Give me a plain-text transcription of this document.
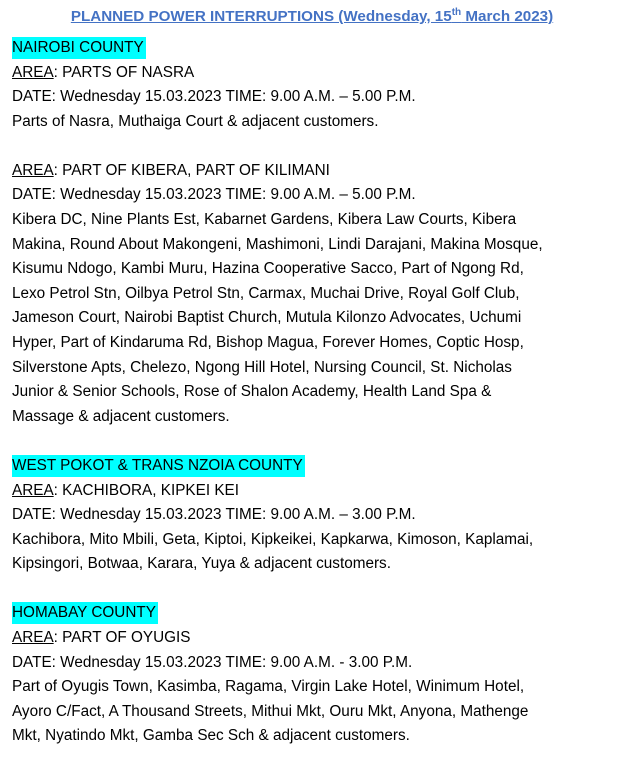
PLANNED POWER INTERRUPTIONS (Wednesday, 15th March 2023)
NAIROBI COUNTY
AREA: PARTS OF NASRA
DATE: Wednesday 15.03.2023 TIME: 9.00 A.M. – 5.00 P.M.
Parts of Nasra, Muthaiga Court & adjacent customers.
AREA: PART OF KIBERA, PART OF KILIMANI
DATE: Wednesday 15.03.2023 TIME: 9.00 A.M. – 5.00 P.M.
Kibera DC, Nine Plants Est, Kabarnet Gardens, Kibera Law Courts, Kibera
Makina, Round About Makongeni, Mashimoni, Lindi Darajani, Makina Mosque,
Kisumu Ndogo, Kambi Muru, Hazina Cooperative Sacco, Part of Ngong Rd,
Lexo Petrol Stn, Oilbya Petrol Stn, Carmax, Muchai Drive, Royal Golf Club,
Jameson Court, Nairobi Baptist Church, Mutula Kilonzo Advocates, Uchumi
Hyper, Part of Kindaruma Rd, Bishop Magua, Forever Homes, Coptic Hosp,
Silverstone Apts, Chelezo, Ngong Hill Hotel, Nursing Council, St. Nicholas
Junior & Senior Schools, Rose of Shalon Academy, Health Land Spa &
Massage & adjacent customers.
WEST POKOT & TRANS NZOIA COUNTY
AREA: KACHIBORA, KIPKEI KEI
DATE: Wednesday 15.03.2023 TIME: 9.00 A.M. – 3.00 P.M.
Kachibora, Mito Mbili, Geta, Kiptoi, Kipkeikei, Kapkarwa, Kimoson, Kaplamai,
Kipsingori, Botwaa, Karara, Yuya & adjacent customers.
HOMABAY COUNTY
AREA: PART OF OYUGIS
DATE: Wednesday 15.03.2023 TIME: 9.00 A.M. - 3.00 P.M.
Part of Oyugis Town, Kasimba, Ragama, Virgin Lake Hotel, Winimum Hotel,
Ayoro C/Fact, A Thousand Streets, Mithui Mkt, Ouru Mkt, Anyona, Mathenge
Mkt, Nyatindo Mkt, Gamba Sec Sch & adjacent customers.
